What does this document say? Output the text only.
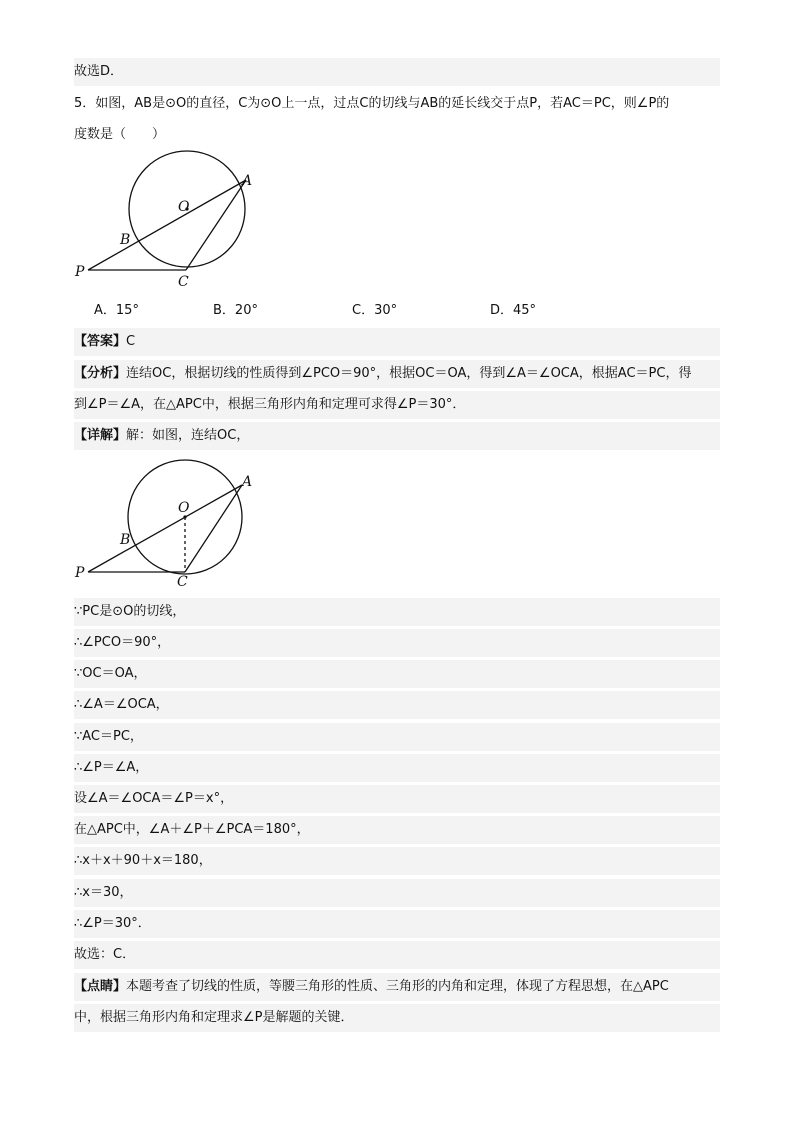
故选D．
5．如图，AB是⊙O的直径，C为⊙O上一点，过点C的切线与AB的延长线交于点P，若AC＝PC，则∠P的
度数是（　　）
A
O
B
P
C
A．15°	B．20°	C．30°	D．45°
【答案】C
【分析】连结OC，根据切线的性质得到∠PCO＝90°，根据OC＝OA，得到∠A＝∠OCA，根据AC＝PC，得
到∠P＝∠A，在△APC中，根据三角形内角和定理可求得∠P＝30°．
【详解】解：如图，连结OC，
A
O
B
P
C
∵PC是⊙O的切线，
∴∠PCO＝90°，
∵OC＝OA，
∴∠A＝∠OCA，
∵AC＝PC，
∴∠P＝∠A，
设∠A＝∠OCA＝∠P＝x°，
在△APC中，∠A＋∠P＋∠PCA＝180°，
∴x＋x＋90＋x＝180，
∴x＝30，
∴∠P＝30°．
故选：C．
【点睛】本题考查了切线的性质，等腰三角形的性质、三角形的内角和定理，体现了方程思想，在△APC
中，根据三角形内角和定理求∠P是解题的关键．
